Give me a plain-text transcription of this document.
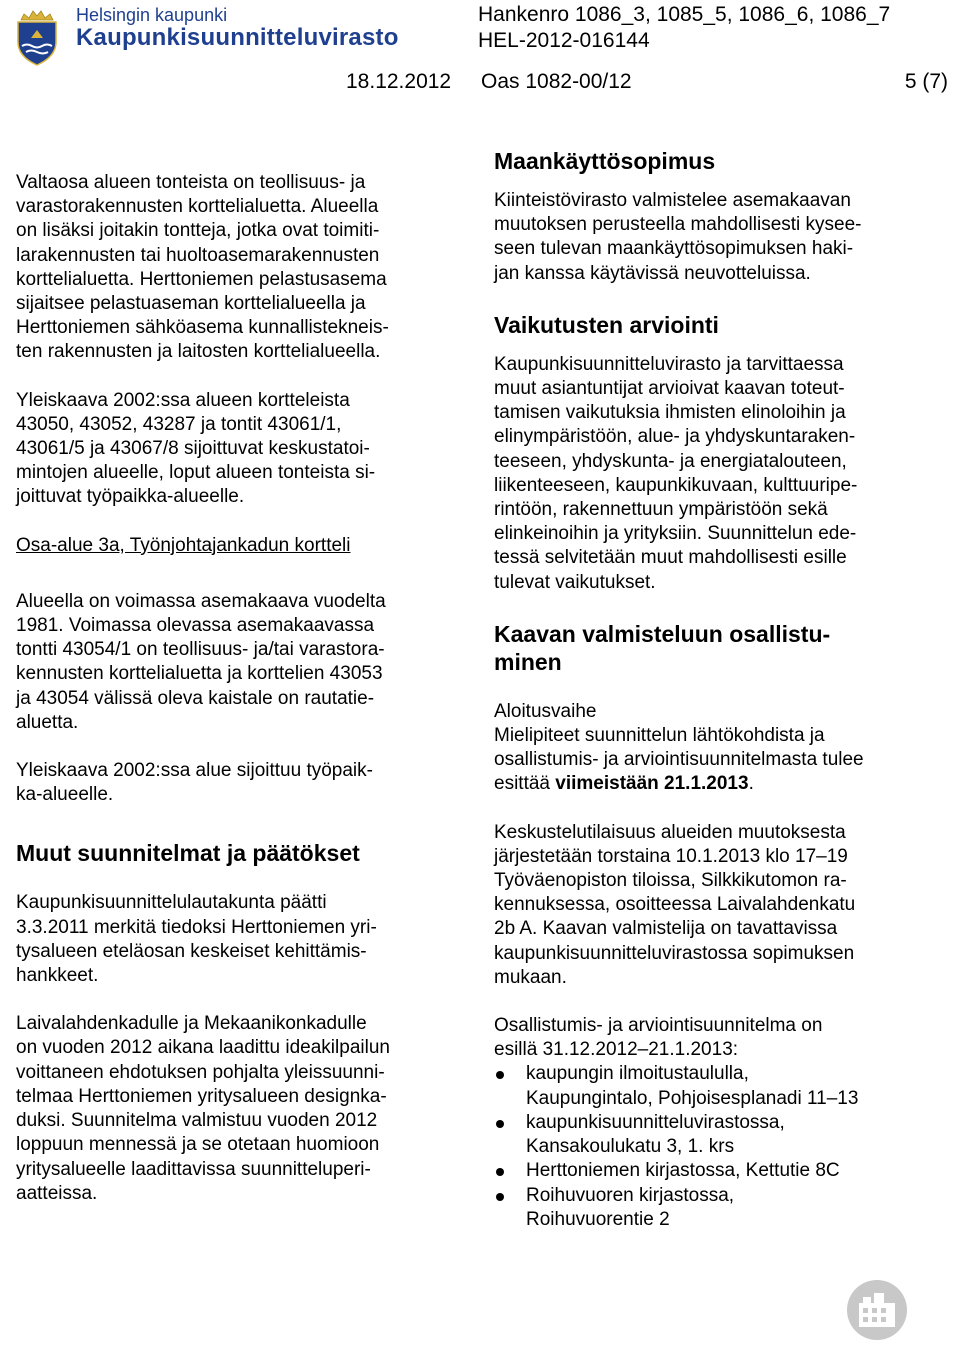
Helsingin kaupunki
Kaupunkisuunnitteluvirasto
Hankenro 1086_3, 1085_5, 1086_6, 1086_7
HEL-2012-016144
18.12.2012 Oas 1082-00/12	5 (7)

Valtaosa alueen tonteista on teollisuus- ja
varastorakennusten korttelialuetta. Alueella
on lisäksi joitakin tontteja, jotka ovat toimiti-
larakennusten tai huoltoasemarakennusten
korttelialuetta. Herttoniemen pelastusasema
sijaitsee pelastuaseman korttelialueella ja
Herttoniemen sähköasema kunnallistekneis-
ten rakennusten ja laitosten korttelialueella.

Yleiskaava 2002:ssa alueen kortteleista
43050, 43052, 43287 ja tontit 43061/1,
43061/5 ja 43067/8 sijoittuvat keskustatoi-
mintojen alueelle, loput alueen tonteista si-
joittuvat työpaikka-alueelle.

Osa-alue 3a, Työnjohtajankadun kortteli

Alueella on voimassa asemakaava vuodelta
1981. Voimassa olevassa asemakaavassa
tontti 43054/1 on teollisuus- ja/tai varastora-
kennusten korttelialuetta ja korttelien 43053
ja 43054 välissä oleva kaistale on rautatie-
aluetta.

Yleiskaava 2002:ssa alue sijoittuu työpaik-
ka-alueelle.

Muut suunnitelmat ja päätökset

Kaupunkisuunnittelulautakunta päätti
3.3.2011 merkitä tiedoksi Herttoniemen yri-
tysalueen eteläosan keskeiset kehittämis-
hankkeet.

Laivalahdenkadulle ja Mekaanikonkadulle
on vuoden 2012 aikana laadittu ideakilpailun
voittaneen ehdotuksen pohjalta yleissuunni-
telmaa Herttoniemen yritysalueen designka-
duksi. Suunnitelma valmistuu vuoden 2012
loppuun mennessä ja se otetaan huomioon
yritysalueelle laadittavissa suunnitteluperi-
aatteissa.

Maankäyttösopimus

Kiinteistövirasto valmistelee asemakaavan
muutoksen perusteella mahdollisesti kysee-
seen tulevan maankäyttösopimuksen haki-
jan kanssa käytävissä neuvotteluissa.

Vaikutusten arviointi

Kaupunkisuunnitteluvirasto ja tarvittaessa
muut asiantuntijat arvioivat kaavan toteut-
tamisen vaikutuksia ihmisten elinoloihin ja
elinympäristöön, alue- ja yhdyskuntaraken-
teeseen, yhdyskunta- ja energiatalouteen,
liikenteeseen, kaupunkikuvaan, kulttuuripe-
rintöön, rakennettuun ympäristöön sekä
elinkeinoihin ja yrityksiin. Suunnittelun ede-
tessä selvitetään muut mahdollisesti esille
tulevat vaikutukset.

Kaavan valmisteluun osallistu-
minen

Aloitusvaihe
Mielipiteet suunnittelun lähtökohdista ja
osallistumis- ja arviointisuunnitelmasta tulee
esittää viimeistään 21.1.2013.

Keskustelutilaisuus alueiden muutoksesta
järjestetään torstaina 10.1.2013 klo 17–19
Työväenopiston tiloissa, Silkkikutomon ra-
kennuksessa, osoitteessa Laivalahdenkatu
2b A. Kaavan valmistelija on tavattavissa
kaupunkisuunnitteluvirastossa sopimuksen
mukaan.

Osallistumis- ja arviointisuunnitelma on
esillä 31.12.2012–21.1.2013:

kaupungin ilmoitustaululla,
Kaupungintalo, Pohjoisesplanadi 11–13
kaupunkisuunnitteluvirastossa,
Kansakoulukatu 3, 1. krs
Herttoniemen kirjastossa, Kettutie 8C
Roihuvuoren kirjastossa,
Roihuvuorentie 2
